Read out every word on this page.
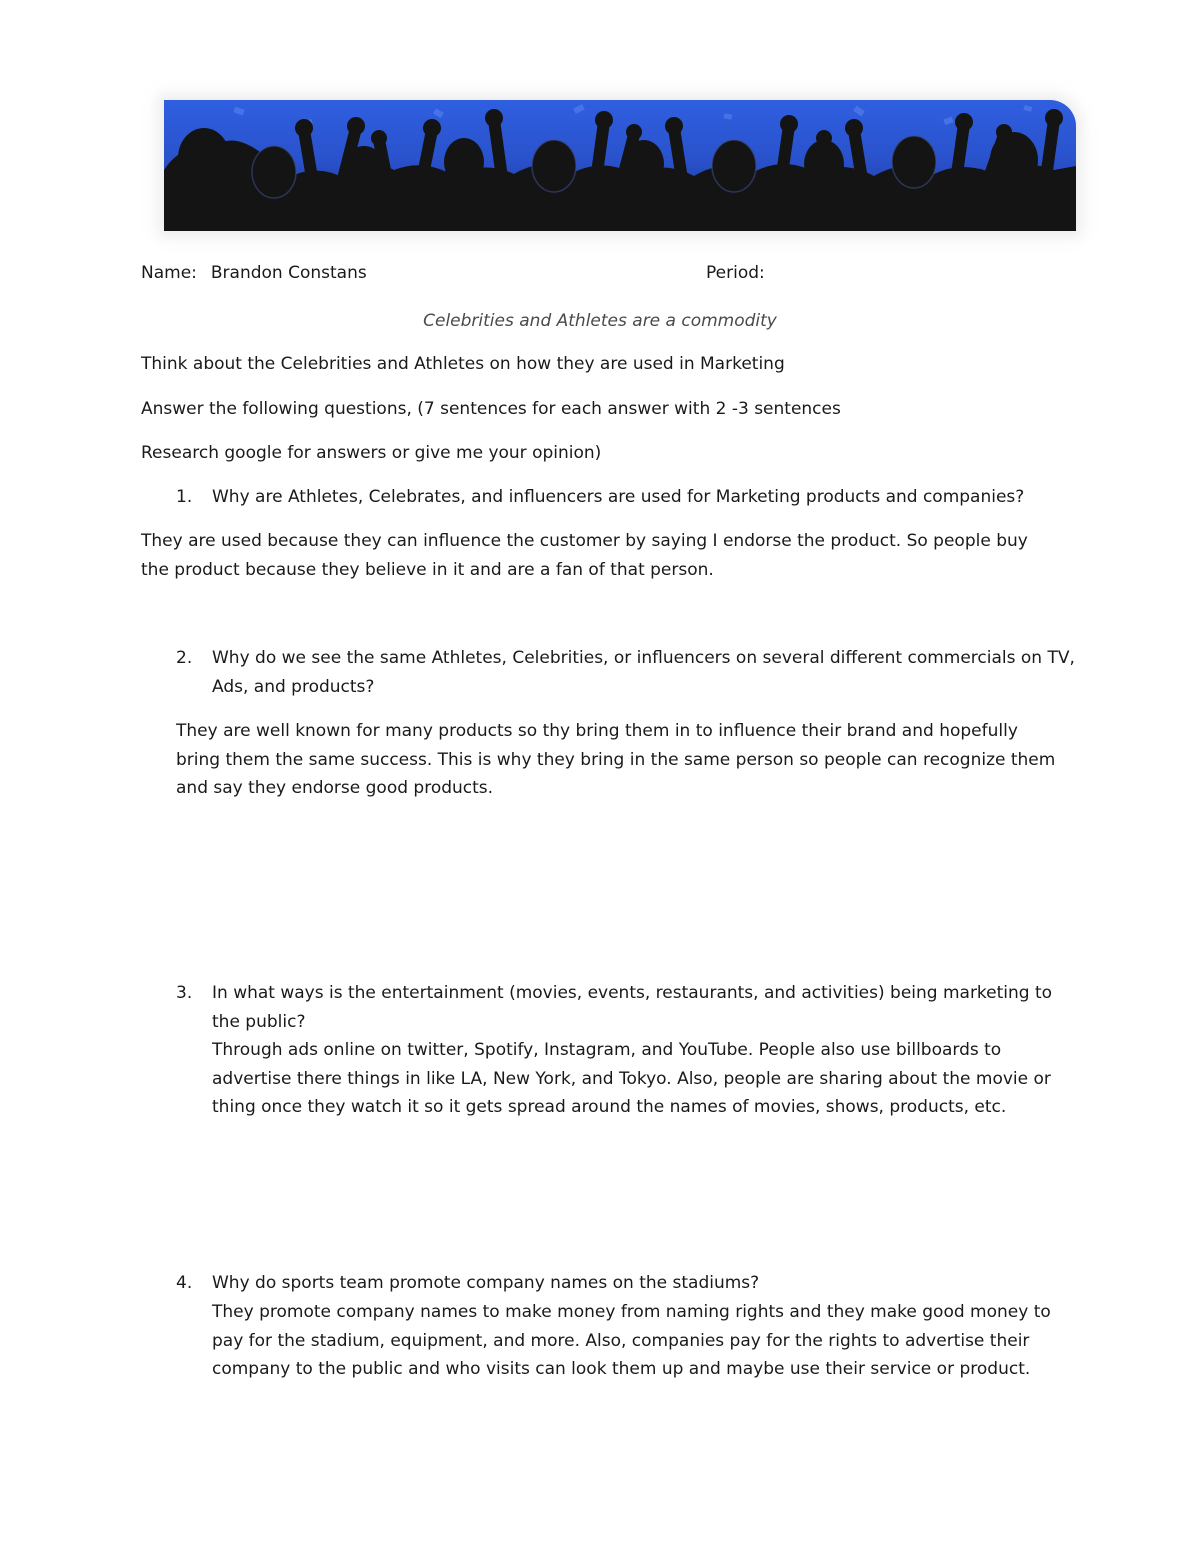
Name: Brandon Constans	Period:
Celebrities and Athletes are a commodity
Think about the Celebrities and Athletes on how they are used in Marketing
Answer the following questions, (7 sentences for each answer with 2 -3 sentences
Research google for answers or give me your opinion)
1. Why are Athletes, Celebrates, and influencers are used for Marketing products and companies?
They are used because they can influence the customer by saying I endorse the product. So people buy the product because they believe in it and are a fan of that person.
2. Why do we see the same Athletes, Celebrities, or influencers on several different commercials on TV, Ads, and products?
They are well known for many products so thy bring them in to influence their brand and hopefully bring them the same success. This is why they bring in the same person so people can recognize them and say they endorse good products.
3. In what ways is the entertainment (movies, events, restaurants, and activities) being marketing to the public?
Through ads online on twitter, Spotify, Instagram, and YouTube. People also use billboards to advertise there things in like LA, New York, and Tokyo. Also, people are sharing about the movie or thing once they watch it so it gets spread around the names of movies, shows, products, etc.
4. Why do sports team promote company names on the stadiums?
They promote company names to make money from naming rights and they make good money to pay for the stadium, equipment, and more. Also, companies pay for the rights to advertise their company to the public and who visits can look them up and maybe use their service or product.
